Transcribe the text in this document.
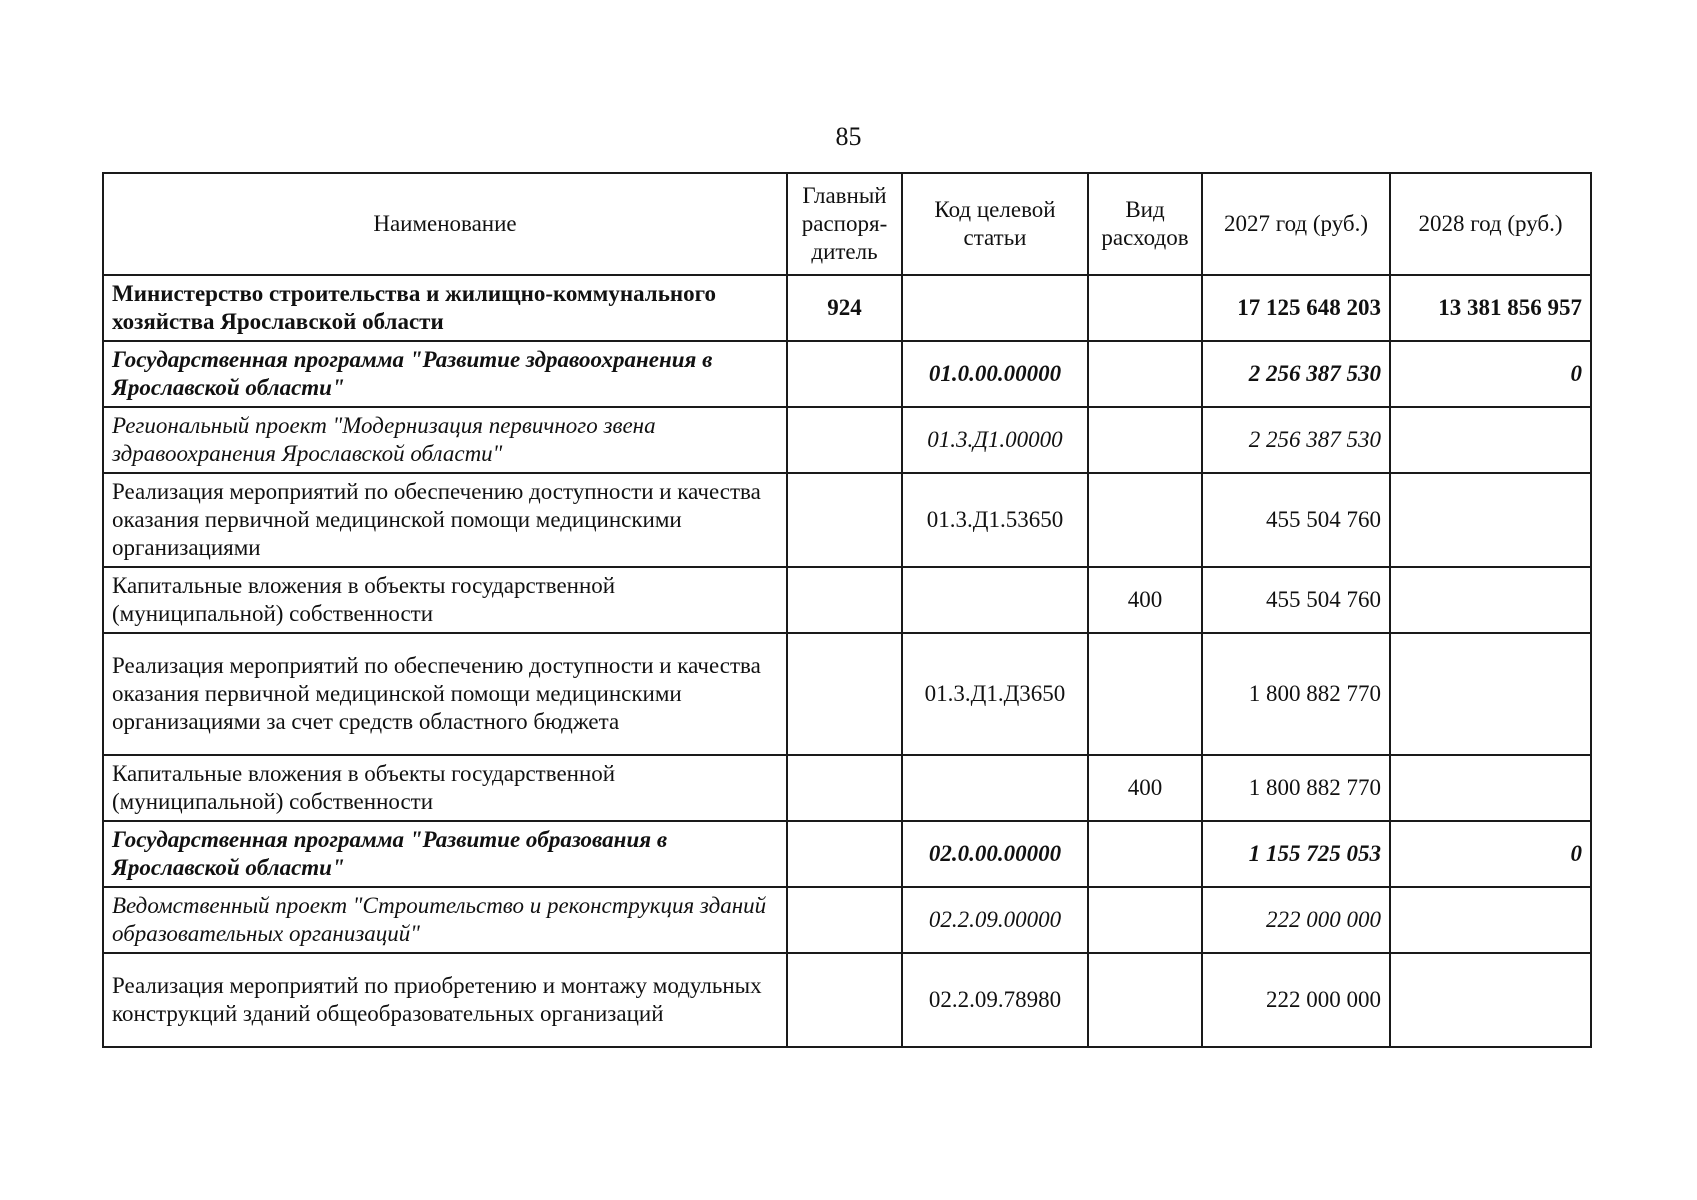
85
Наименование	Главный распоря-дитель	Код целевой статьи	Вид расходов	2027 год (руб.)	2028 год (руб.)
Министерство строительства и жилищно-коммунального хозяйства Ярославской области	924			17 125 648 203	13 381 856 957
Государственная программа "Развитие здравоохранения в Ярославской области"		01.0.00.00000		2 256 387 530	0
Региональный проект "Модернизация первичного звена здравоохранения Ярославской области"		01.3.Д1.00000		2 256 387 530	
Реализация мероприятий по обеспечению доступности и качества оказания первичной медицинской помощи медицинскими организациями		01.3.Д1.53650		455 504 760	
Капитальные вложения в объекты государственной (муниципальной) собственности			400	455 504 760	
Реализация мероприятий по обеспечению доступности и качества оказания первичной медицинской помощи медицинскими организациями за счет средств областного бюджета		01.3.Д1.Д3650		1 800 882 770	
Капитальные вложения в объекты государственной (муниципальной) собственности			400	1 800 882 770	
Государственная программа "Развитие образования в Ярославской области"		02.0.00.00000		1 155 725 053	0
Ведомственный проект "Строительство и реконструкция зданий образовательных организаций"		02.2.09.00000		222 000 000	
Реализация мероприятий по приобретению и монтажу модульных конструкций зданий общеобразовательных организаций		02.2.09.78980		222 000 000	
